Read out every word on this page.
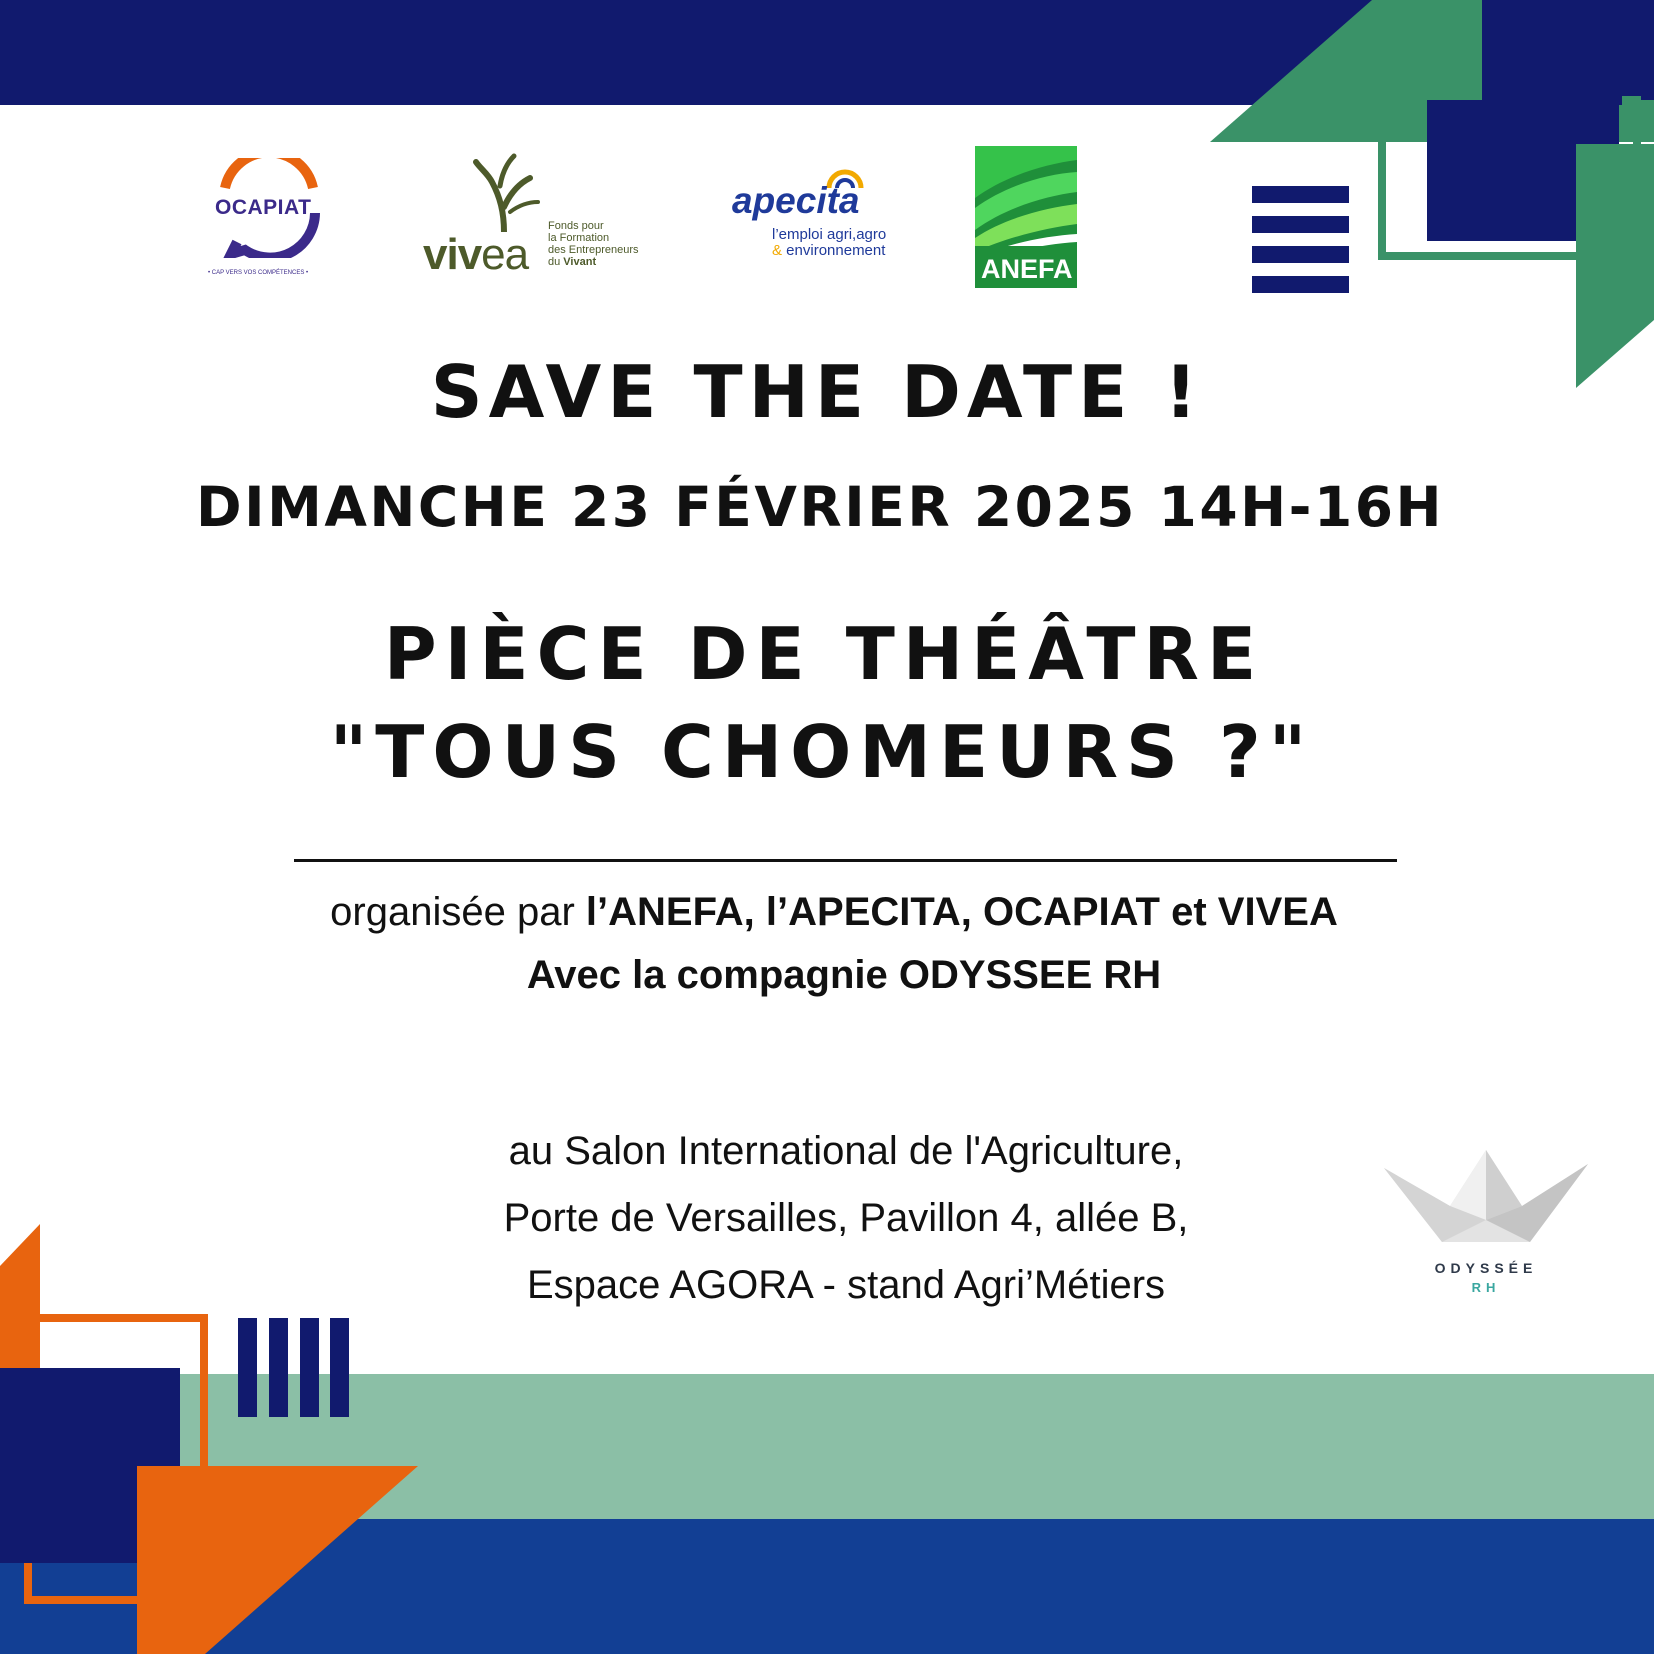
OCAPIAT
• CAP VERS VOS COMPÉTENCES •	vivea
Fonds pour
la Formation
des Entrepreneurs
du Vivant
apecita
l’emploi agri,agro
& environnement
ANEFA
SAVE THE DATE !
DIMANCHE 23 FÉVRIER 2025 14H-16H
PIÈCE DE THÉÂTRE
"TOUS CHOMEURS ?"
organisée par l’ANEFA, l’APECITA, OCAPIAT et VIVEA
Avec la compagnie ODYSSEE RH
au Salon International de l'Agriculture,
Porte de Versailles, Pavillon 4, allée B,
Espace AGORA - stand Agri’Métiers	ODYSSÉE
RH
